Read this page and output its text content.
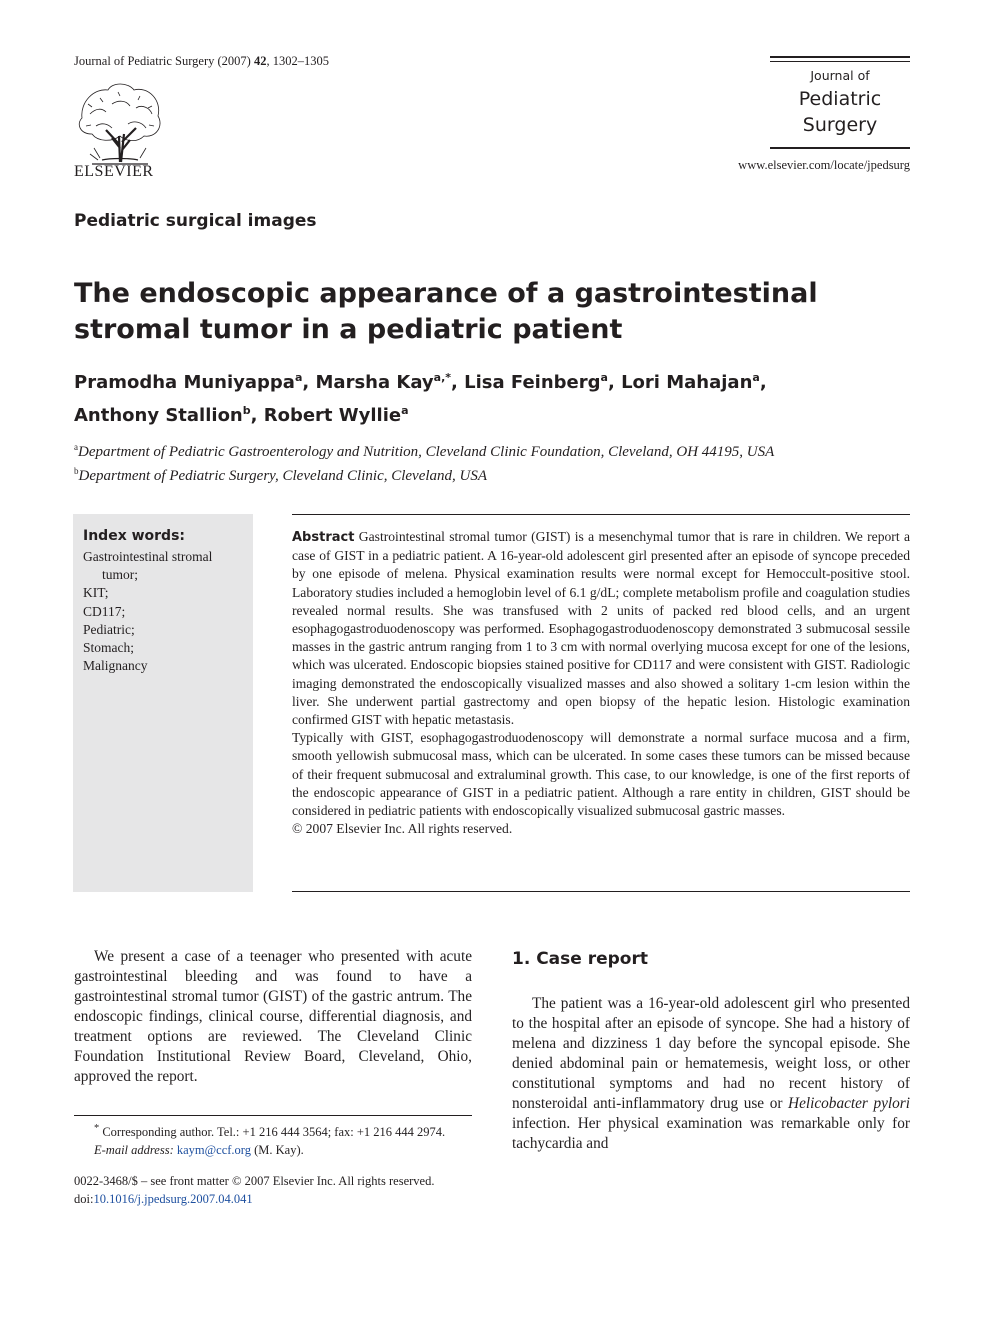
Journal of Pediatric Surgery (2007) 42, 1302–1305
ELSEVIER
Journal of
Pediatric
Surgery
www.elsevier.com/locate/jpedsurg
Pediatric surgical images
The endoscopic appearance of a gastrointestinal stromal tumor in a pediatric patient
Pramodha Muniyappa$^a$, Marsha Kay$^{a,*}$, Lisa Feinberg$^a$, Lori Mahajan$^a$,
Anthony Stallion$^b$, Robert Wyllie$^a$
$^a$Department of Pediatric Gastroenterology and Nutrition, Cleveland Clinic Foundation, Cleveland, OH 44195, USA
$^b$Department of Pediatric Surgery, Cleveland Clinic, Cleveland, USA
Index words:
Gastrointestinal stromal tumor;
KIT;
CD117;
Pediatric;
Stomach;
Malignancy

Abstract Gastrointestinal stromal tumor (GIST) is a mesenchymal tumor that is rare in children. We report a case of GIST in a pediatric patient. A 16-year-old adolescent girl presented after an episode of syncope preceded by one episode of melena. Physical examination results were normal except for Hemoccult-positive stool. Laboratory studies included a hemoglobin level of 6.1 g/dL; complete metabolism profile and coagulation studies revealed normal results. She was transfused with 2 units of packed red blood cells, and an urgent esophagogastroduodenoscopy was performed. Esophagogastroduodenoscopy demonstrated 3 submucosal sessile masses in the gastric antrum ranging from 1 to 3 cm with normal overlying mucosa except for one of the lesions, which was ulcerated. Endoscopic biopsies stained positive for CD117 and were consistent with GIST. Radiologic imaging demonstrated the endoscopically visualized masses and also showed a solitary 1-cm lesion within the liver. She underwent partial gastrectomy and open biopsy of the hepatic lesion. Histologic examination confirmed GIST with hepatic metastasis.

Typically with GIST, esophagogastroduodenoscopy will demonstrate a normal surface mucosa and a firm, smooth yellowish submucosal mass, which can be ulcerated. In some cases these tumors can be missed because of their frequent submucosal and extraluminal growth. This case, to our knowledge, is one of the first reports of the endoscopic appearance of GIST in a pediatric patient. Although a rare entity in children, GIST should be considered in pediatric patients with endoscopically visualized submucosal gastric masses.

© 2007 Elsevier Inc. All rights reserved.

We present a case of a teenager who presented with acute gastrointestinal bleeding and was found to have a gastrointestinal stromal tumor (GIST) of the gastric antrum. The endoscopic findings, clinical course, differential diagnosis, and treatment options are reviewed. The Cleveland Clinic Foundation Institutional Review Board, Cleveland, Ohio, approved the report.

* Corresponding author. Tel.: +1 216 444 3564; fax: +1 216 444 2974.
E-mail address: kaym@ccf.org (M. Kay).
0022-3468/$ – see front matter © 2007 Elsevier Inc. All rights reserved.
doi:10.1016/j.jpedsurg.2007.04.041
1. Case report

The patient was a 16-year-old adolescent girl who presented to the hospital after an episode of syncope. She had a history of melena and dizziness 1 day before the syncopal episode. She denied abdominal pain or hematemesis, weight loss, or other constitutional symptoms and had no recent history of nonsteroidal anti-inflammatory drug use or Helicobacter pylori infection. Her physical examination was remarkable only for tachycardia and
